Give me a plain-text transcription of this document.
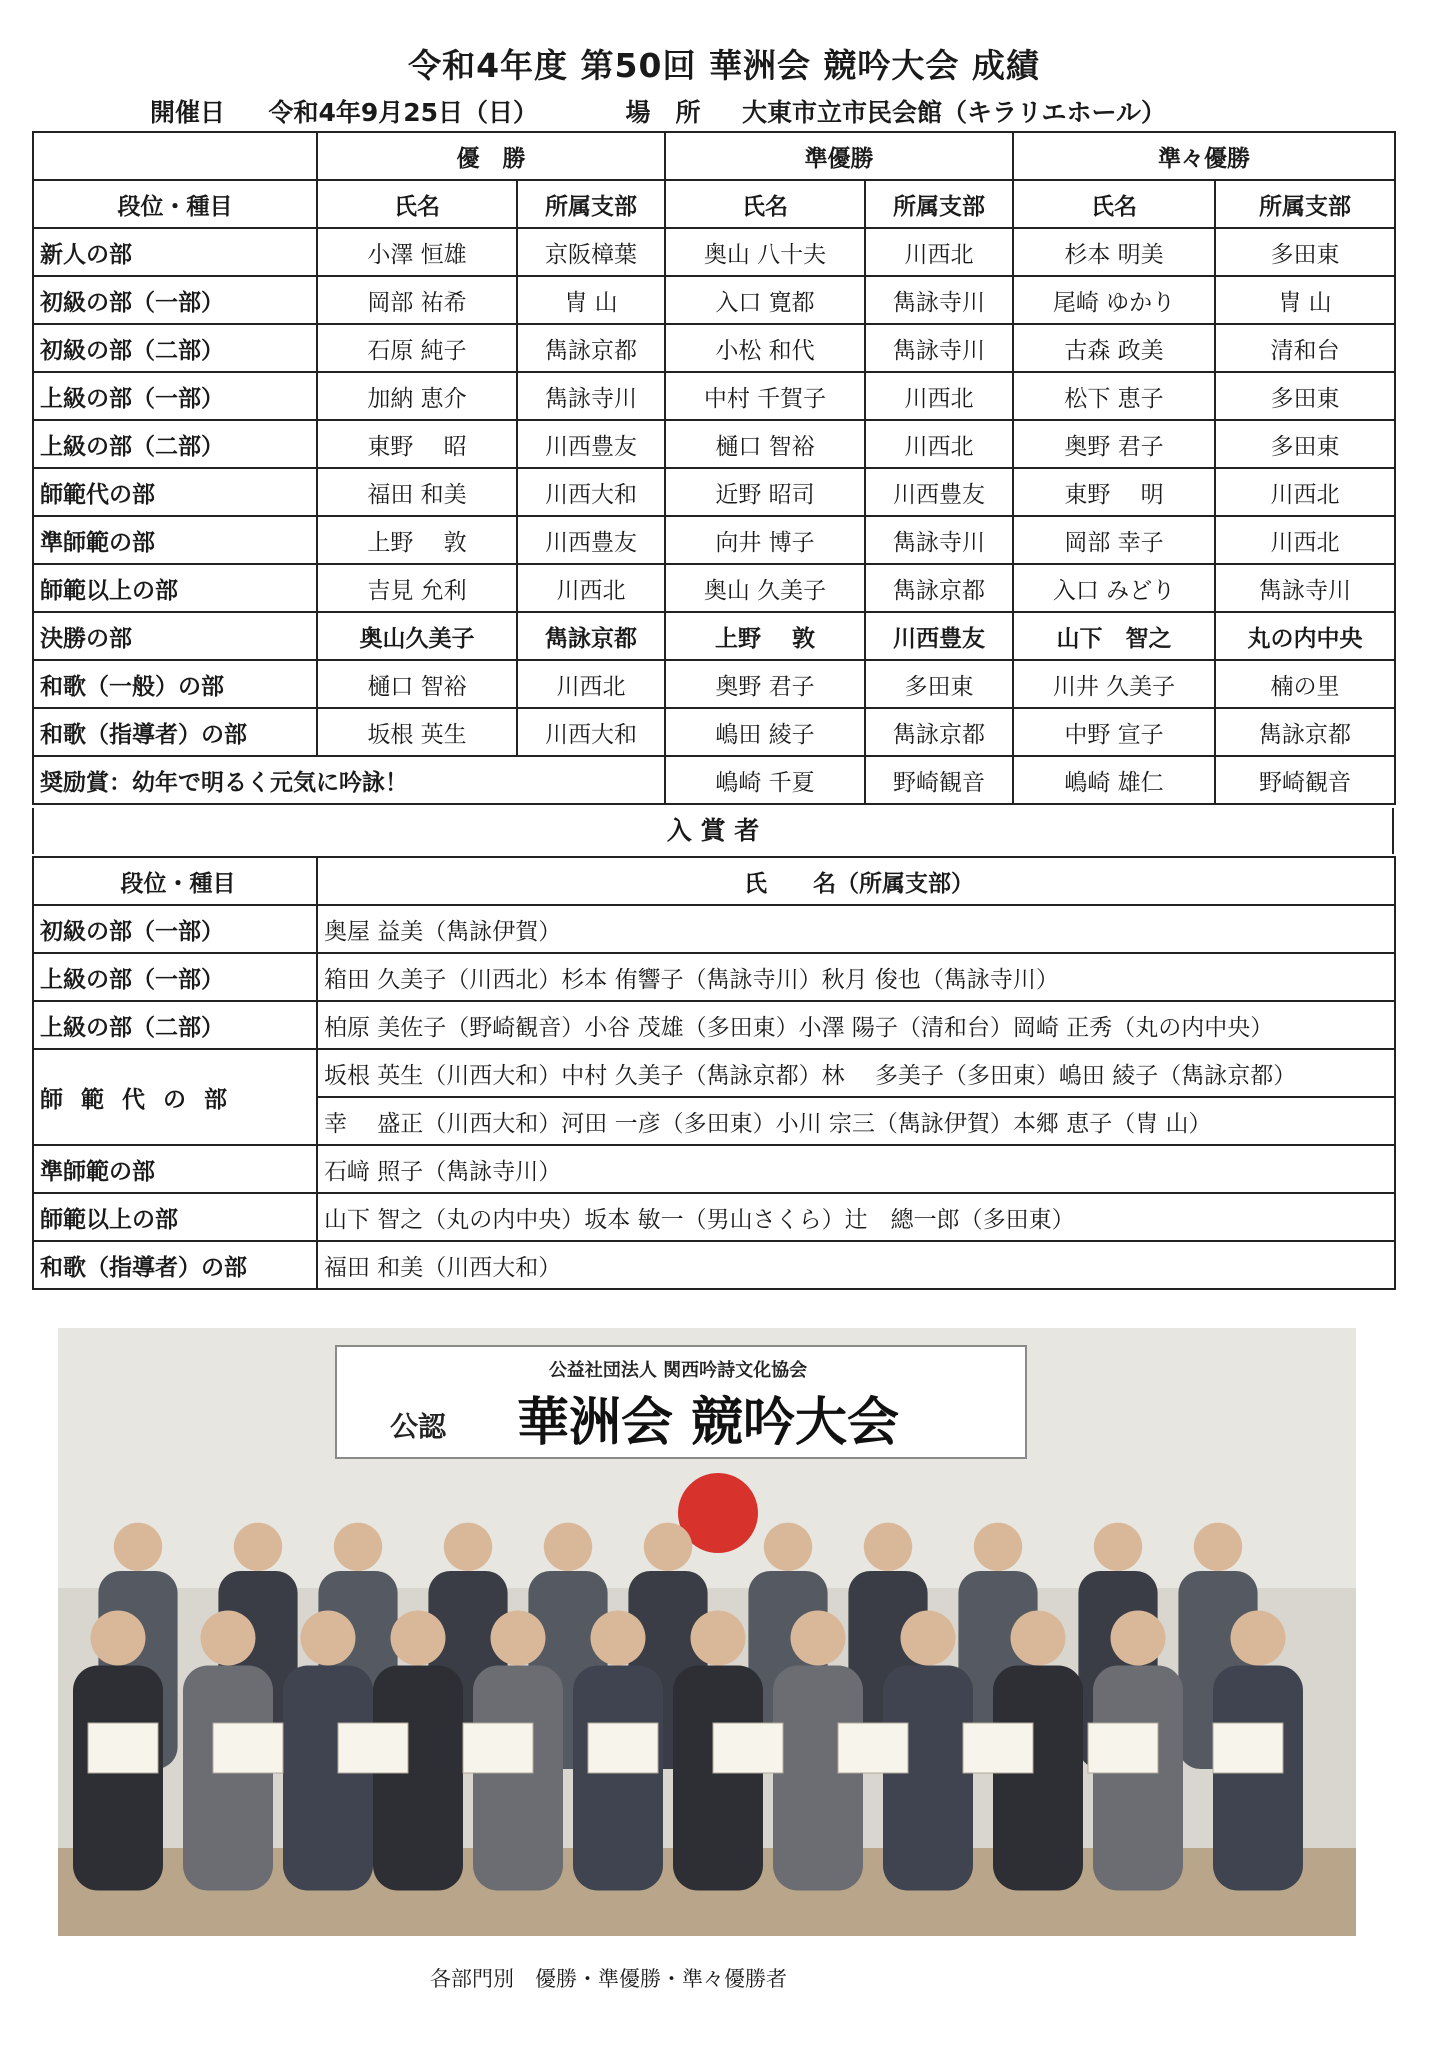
令和4年度 第50回 華洲会 競吟大会 成績
開催日 令和4年9月25日（日）	場　所 大東市立市民会館（キラリエホール）
	優　勝		準優勝		準々優勝	
段位・種目	氏名	所属支部	氏名	所属支部	氏名	所属支部
新人の部	小澤 恒雄	京阪樟葉	奥山 八十夫	川西北	杉本 明美	多田東
初級の部（一部）	岡部 祐希	冑 山	入口 寛都	雋詠寺川	尾崎 ゆかり	冑 山
初級の部（二部）	石原 純子	雋詠京都	小松 和代	雋詠寺川	古森 政美	清和台
上級の部（一部）	加納 恵介	雋詠寺川	中村 千賀子	川西北	松下 恵子	多田東
上級の部（二部）	東野　 昭	川西豊友	樋口 智裕	川西北	奥野 君子	多田東
師範代の部	福田 和美	川西大和	近野 昭司	川西豊友	東野　 明	川西北
準師範の部	上野　 敦	川西豊友	向井 博子	雋詠寺川	岡部 幸子	川西北
師範以上の部	吉見 允利	川西北	奥山 久美子	雋詠京都	入口 みどり	雋詠寺川
決勝の部	奥山久美子	雋詠京都	上野　 敦	川西豊友	山下　智之	丸の内中央
和歌（一般）の部	樋口 智裕	川西北	奥野 君子	多田東	川井 久美子	楠の里
和歌（指導者）の部	坂根 英生	川西大和	嶋田 綾子	雋詠京都	中野 宣子	雋詠京都
奨励賞：幼年で明るく元気に吟詠！			嶋崎 千夏	野崎観音	嶋崎 雄仁	野崎観音
入 賞 者
段位・種目	氏　　名（所属支部）
初級の部（一部）	奥屋 益美（雋詠伊賀）
上級の部（一部）	箱田 久美子（川西北）杉本 侑響子（雋詠寺川）秋月 俊也（雋詠寺川）
上級の部（二部）	柏原 美佐子（野崎観音）小谷 茂雄（多田東）小澤 陽子（清和台）岡崎 正秀（丸の内中央）
師範代の部	坂根 英生（川西大和）中村 久美子（雋詠京都）林　 多美子（多田東）嶋田 綾子（雋詠京都）
	幸　 盛正（川西大和）河田 一彦（多田東）小川 宗三（雋詠伊賀）本郷 恵子（冑 山）
準師範の部	石﨑 照子（雋詠寺川）
師範以上の部	山下 智之（丸の内中央）坂本 敏一（男山さくら）辻　總一郎（多田東）
和歌（指導者）の部	福田 和美（川西大和）
公益社団法人 関西吟詩文化協会
公認 華洲会 競吟大会
各部門別　優勝・準優勝・準々優勝者
